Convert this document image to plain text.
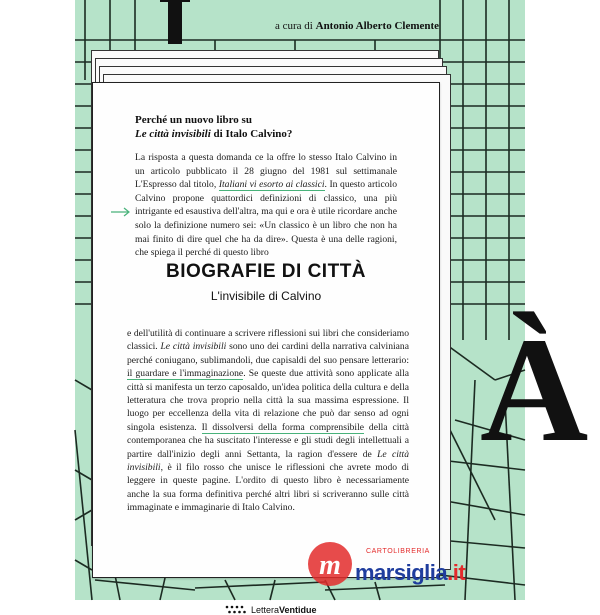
À
a cura di Antonio Alberto Clemente
Perché un nuovo libro su
Le città invisibili di Italo Calvino?
La risposta a questa domanda ce la offre lo stesso Italo Calvino in un articolo pubblicato il 28 giugno del 1981 sul settimanale L'Espresso dal titolo, Italiani vi esorto ai classici. In questo articolo Calvino propone quattordici definizioni di classico, una più intrigante ed esaustiva dell'altra, ma qui e ora è utile ricordare anche solo la definizione numero sei: «Un classico è un libro che non ha mai finito di dire quel che ha da dire». Questa è una delle ragioni, che spiega il perché di questo libro
BIOGRAFIE DI CITTÀ
L'invisibile di Calvino
e dell'utilità di continuare a scrivere riflessioni sui libri che consideriamo classici. Le città invisibili sono uno dei cardini della narrativa calviniana perché coniugano, sublimandoli, due capisaldi del suo pensare letterario: il guardare e l'immaginazione. Se queste due attività sono applicate alla città si manifesta un terzo caposaldo, un'idea politica della cultura e della letteratura che trova proprio nella città la sua massima espressione. Il luogo per eccellenza della vita di relazione che può dar senso ad ogni singola esistenza. Il dissolversi della forma comprensibile della città contemporanea che ha suscitato l'interesse e gli studi degli intellettuali a partire dall'inizio degli anni Settanta, la ragion d'essere de Le città invisibili, è il filo rosso che unisce le riflessioni che avrete modo di leggere in queste pagine. L'ordito di questo libro è necessariamente anche la sua forma definitiva perché altri libri si scriveranno sulle città immaginate e immaginarie di Italo Calvino.
LetteraVentidue
m	CARTOLIBRERIA
marsiglia.it
